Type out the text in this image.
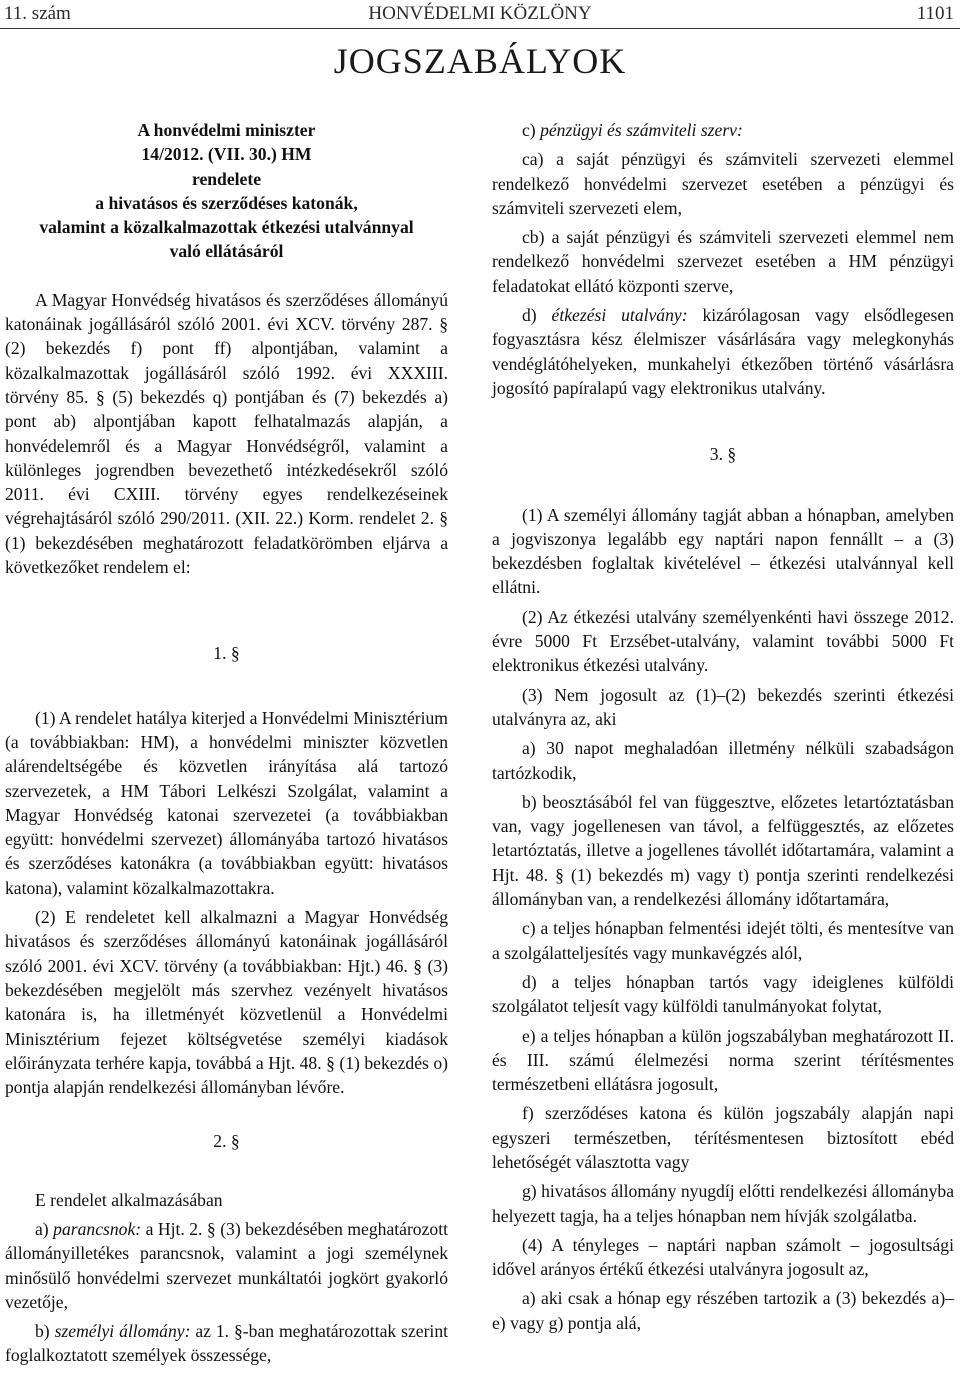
11. szám	HONVÉDELMI KÖZLÖNY	1101
JOGSZABÁLYOK
A honvédelmi miniszter
14/2012. (VII. 30.) HM
rendelete
a hivatásos és szerződéses katonák,
valamint a közalkalmazottak étkezési utalvánnyal
való ellátásáról

A Magyar Honvédség hivatásos és szerződéses állományú katonáinak jogállásáról szóló 2001. évi XCV. törvény 287. § (2) bekezdés f) pont ff) alpontjában, valamint a közalkalmazottak jogállásáról szóló 1992. évi XXXIII. törvény 85. § (5) bekezdés q) pontjában és (7) bekezdés a) pont ab) alpontjában kapott felhatalmazás alapján, a honvédelemről és a Magyar Honvédségről, valamint a különleges jogrendben bevezethető intézkedésekről szóló 2011. évi CXIII. törvény egyes rendelkezéseinek végrehajtásáról szóló 290/2011. (XII. 22.) Korm. rendelet 2. § (1) bekezdésében meghatározott feladatkörömben eljárva a következőket rendelem el:

1. §

(1) A rendelet hatálya kiterjed a Honvédelmi Minisztérium (a továbbiakban: HM), a honvédelmi miniszter közvetlen alárendeltségébe és közvetlen irányítása alá tartozó szervezetek, a HM Tábori Lelkészi Szolgálat, valamint a Magyar Honvédség katonai szervezetei (a továbbiakban együtt: honvédelmi szervezet) állományába tartozó hivatásos és szerződéses katonákra (a továbbiakban együtt: hivatásos katona), valamint közalkalmazottakra.

(2) E rendeletet kell alkalmazni a Magyar Honvédség hivatásos és szerződéses állományú katonáinak jogállásáról szóló 2001. évi XCV. törvény (a továbbiakban: Hjt.) 46. § (3) bekezdésében megjelölt más szervhez vezényelt hivatásos katonára is, ha illetményét közvetlenül a Honvédelmi Minisztérium fejezet költségvetése személyi kiadások előirányzata terhére kapja, továbbá a Hjt. 48. § (1) bekezdés o) pontja alapján rendelkezési állományban lévőre.

2. §

E rendelet alkalmazásában

a) parancsnok: a Hjt. 2. § (3) bekezdésében meghatározott állományilletékes parancsnok, valamint a jogi személynek minősülő honvédelmi szervezet munkáltatói jogkört gyakorló vezetője,

b) személyi állomány: az 1. §-ban meghatározottak szerint foglalkoztatott személyek összessége,

c) pénzügyi és számviteli szerv:

ca) a saját pénzügyi és számviteli szervezeti elemmel rendelkező honvédelmi szervezet esetében a pénzügyi és számviteli szervezeti elem,

cb) a saját pénzügyi és számviteli szervezeti elemmel nem rendelkező honvédelmi szervezet esetében a HM pénzügyi feladatokat ellátó központi szerve,

d) étkezési utalvány: kizárólagosan vagy elsődlegesen fogyasztásra kész élelmiszer vásárlására vagy melegkonyhás vendéglátóhelyeken, munkahelyi étkezőben történő vásárlásra jogosító papíralapú vagy elektronikus utalvány.

3. §

(1) A személyi állomány tagját abban a hónapban, amelyben a jogviszonya legalább egy naptári napon fennállt – a (3) bekezdésben foglaltak kivételével – étkezési utalvánnyal kell ellátni.

(2) Az étkezési utalvány személyenkénti havi összege 2012. évre 5000 Ft Erzsébet-utalvány, valamint további 5000 Ft elektronikus étkezési utalvány.

(3) Nem jogosult az (1)–(2) bekezdés szerinti étkezési utalványra az, aki

a) 30 napot meghaladóan illetmény nélküli szabadságon tartózkodik,

b) beosztásából fel van függesztve, előzetes letartóztatásban van, vagy jogellenesen van távol, a felfüggesztés, az előzetes letartóztatás, illetve a jogellenes távollét időtartamára, valamint a Hjt. 48. § (1) bekezdés m) vagy t) pontja szerinti rendelkezési állományban van, a rendelkezési állomány időtartamára,

c) a teljes hónapban felmentési idejét tölti, és mentesítve van a szolgálatteljesítés vagy munkavégzés alól,

d) a teljes hónapban tartós vagy ideiglenes külföldi szolgálatot teljesít vagy külföldi tanulmányokat folytat,

e) a teljes hónapban a külön jogszabályban meghatározott II. és III. számú élelmezési norma szerint térítésmentes természetbeni ellátásra jogosult,

f) szerződéses katona és külön jogszabály alapján napi egyszeri természetben, térítésmentesen biztosított ebéd lehetőségét választotta vagy

g) hivatásos állomány nyugdíj előtti rendelkezési állományba helyezett tagja, ha a teljes hónapban nem hívják szolgálatba.

(4) A tényleges – naptári napban számolt – jogosultsági idővel arányos értékű étkezési utalványra jogosult az,

a) aki csak a hónap egy részében tartozik a (3) bekezdés a)–e) vagy g) pontja alá,
